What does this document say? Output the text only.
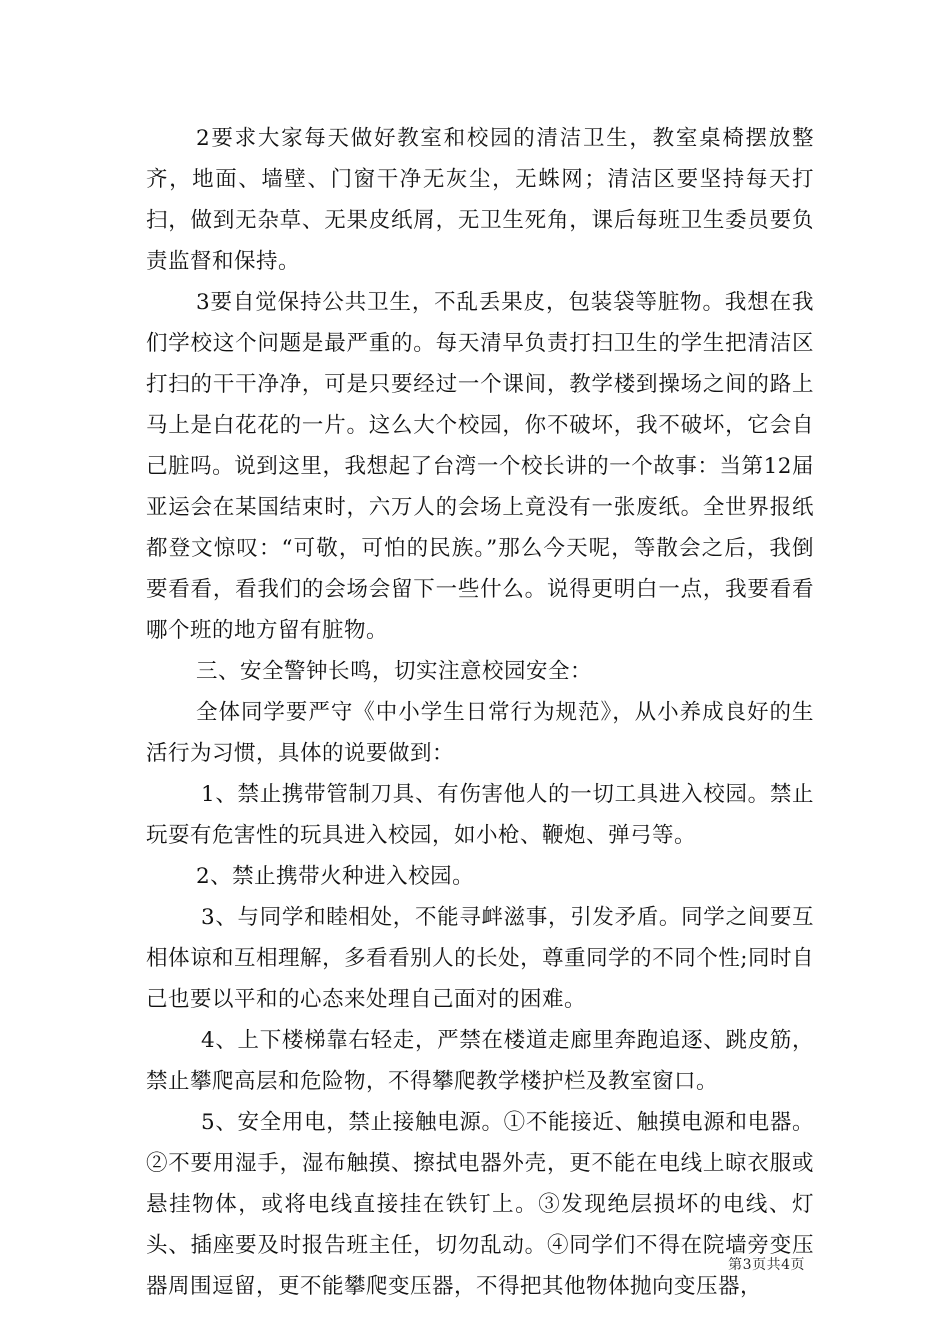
2要求大家每天做好教室和校园的清洁卫生，教室桌椅摆放整齐，地面、墙壁、门窗干净无灰尘，无蛛网；清洁区要坚持每天打扫，做到无杂草、无果皮纸屑，无卫生死角，课后每班卫生委员要负责监督和保持。

3要自觉保持公共卫生，不乱丢果皮，包装袋等脏物。我想在我们学校这个问题是最严重的。每天清早负责打扫卫生的学生把清洁区打扫的干干净净，可是只要经过一个课间，教学楼到操场之间的路上马上是白花花的一片。这么大个校园，你不破坏，我不破坏，它会自己脏吗。说到这里，我想起了台湾一个校长讲的一个故事：当第12届亚运会在某国结束时，六万人的会场上竟没有一张废纸。全世界报纸都登文惊叹：“可敬，可怕的民族。”那么今天呢，等散会之后，我倒要看看，看我们的会场会留下一些什么。说得更明白一点，我要看看哪个班的地方留有脏物。

三、安全警钟长鸣，切实注意校园安全：

全体同学要严守《中小学生日常行为规范》，从小养成良好的生活行为习惯，具体的说要做到：

1、禁止携带管制刀具、有伤害他人的一切工具进入校园。禁止玩耍有危害性的玩具进入校园，如小枪、鞭炮、弹弓等。

2、禁止携带火种进入校园。

3、与同学和睦相处，不能寻衅滋事，引发矛盾。同学之间要互相体谅和互相理解，多看看别人的长处，尊重同学的不同个性;同时自己也要以平和的心态来处理自己面对的困难。

4、上下楼梯靠右轻走，严禁在楼道走廊里奔跑追逐、跳皮筋，禁止攀爬高层和危险物，不得攀爬教学楼护栏及教室窗口。

5、安全用电，禁止接触电源。①不能接近、触摸电源和电器。②不要用湿手，湿布触摸、擦拭电器外壳，更不能在电线上晾衣服或悬挂物体，或将电线直接挂在铁钉上。③发现绝层损坏的电线、灯头、插座要及时报告班主任，切勿乱动。④同学们不得在院墙旁变压器周围逗留，更不能攀爬变压器，不得把其他物体抛向变压器，

第3页共4页
